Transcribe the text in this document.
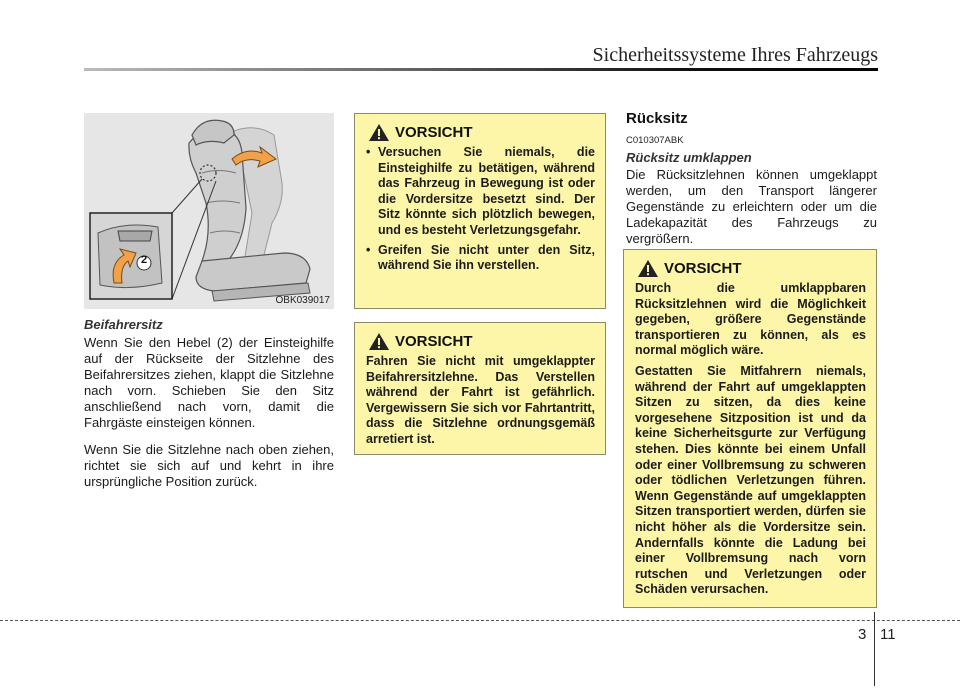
Sicherheitssysteme Ihres Fahrzeugs
2
OBK039017
Beifahrersitz

Wenn Sie den Hebel (2) der Einsteighilfe auf der Rückseite der Sitzlehne des Beifahrersitzes ziehen, klappt die Sitzlehne nach vorn. Schieben Sie den Sitz anschließend nach vorn, damit die Fahrgäste einsteigen können.

Wenn Sie die Sitzlehne nach oben ziehen, richtet sie sich auf und kehrt in ihre ursprüngliche Position zurück.

VORSICHT
• Versuchen Sie niemals, die Einsteighilfe zu betätigen, während das Fahrzeug in Bewegung ist oder die Vordersitze besetzt sind. Der Sitz könnte sich plötzlich bewegen, und es besteht Verletzungsgefahr.
• Greifen Sie nicht unter den Sitz, während Sie ihn verstellen.
VORSICHT
Fahren Sie nicht mit umgeklappter Beifahrersitzlehne. Das Verstellen während der Fahrt ist gefährlich. Vergewissern Sie sich vor Fahrtantritt, dass die Sitzlehne ordnungsgemäß arretiert ist.
Rücksitz
C010307ABK
Rücksitz umklappen

Die Rücksitzlehnen können umgeklappt werden, um den Transport längerer Gegenstände zu erleichtern oder um die Ladekapazität des Fahrzeugs zu vergrößern.

VORSICHT

Durch die umklappbaren Rücksitzlehnen wird die Möglichkeit gegeben, größere Gegenstände transportieren zu können, als es normal möglich wäre.

Gestatten Sie Mitfahrern niemals, während der Fahrt auf umgeklappten Sitzen zu sitzen, da dies keine vorgesehene Sitzposition ist und da keine Sicherheitsgurte zur Verfügung stehen. Dies könnte bei einem Unfall oder einer Vollbremsung zu schweren oder tödlichen Verletzungen führen. Wenn Gegenstände auf umgeklappten Sitzen transportiert werden, dürfen sie nicht höher als die Vordersitze sein. Andernfalls könnte die Ladung bei einer Vollbremsung nach vorn rutschen und Verletzungen oder Schäden verursachen.

3 11
